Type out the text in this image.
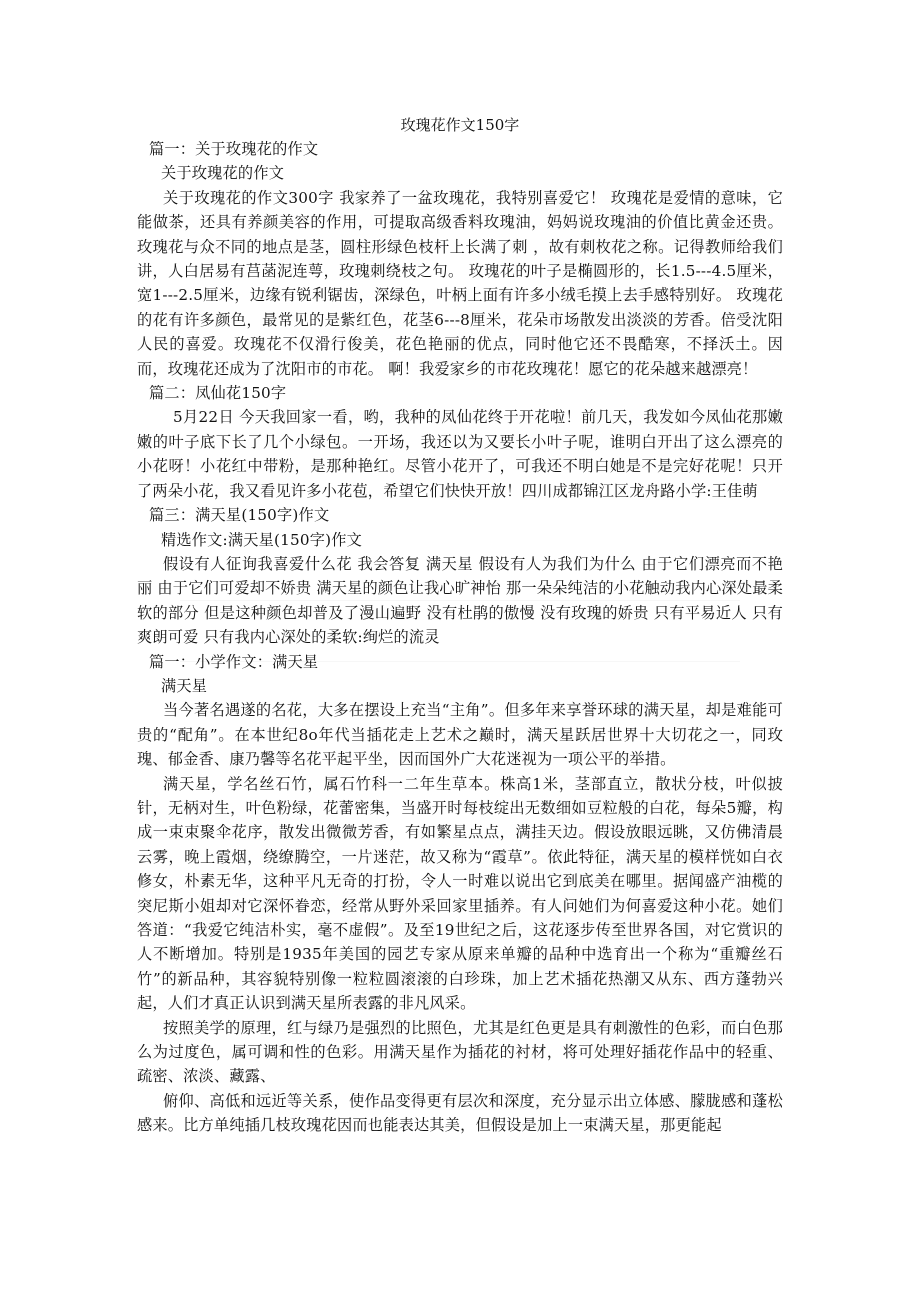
玫瑰花作文150字

篇一：关于玫瑰花的作文

关于玫瑰花的作文

关于玫瑰花的作文300字 我家养了一盆玫瑰花，我特别喜爱它！ 玫瑰花是爱情的意味，它能做茶，还具有养颜美容的作用，可提取高级香料玫瑰油，妈妈说玫瑰油的价值比黄金还贵。 玫瑰花与众不同的地点是茎，圆柱形绿色枝杆上长满了刺 ，故有刺枚花之称。记得教师给我们讲，人白居易有莒菡泥连萼，玫瑰刺绕枝之句。 玫瑰花的叶子是椭圆形的，长1.5---4.5厘米，宽1---2.5厘米，边缘有锐利锯齿，深绿色，叶柄上面有许多小绒毛摸上去手感特别好。 玫瑰花的花有许多颜色，最常见的是紫红色，花茎6---8厘米，花朵市场散发出淡淡的芳香。倍受沈阳人民的喜爱。玫瑰花不仅滑行俊美，花色艳丽的优点，同时他它还不畏酷寒，不择沃土。因而，玫瑰花还成为了沈阳市的市花。 啊！我爱家乡的市花玫瑰花！愿它的花朵越来越漂亮！

篇二：凤仙花150字

5月22日 今天我回家一看，哟，我种的凤仙花终于开花啦！前几天，我发如今凤仙花那嫩嫩的叶子底下长了几个小绿包。一开场，我还以为又要长小叶子呢，谁明白开出了这么漂亮的小花呀！小花红中带粉，是那种艳红。尽管小花开了，可我还不明白她是不是完好花呢！只开了两朵小花，我又看见许多小花苞，希望它们快快开放！四川成都锦江区龙舟路小学:王佳萌

篇三：满天星(150字)作文

精选作文:满天星(150字)作文

假设有人征询我喜爱什么花 我会答复 满天星 假设有人为我们为什么 由于它们漂亮而不艳丽 由于它们可爱却不娇贵 满天星的颜色让我心旷神怡 那一朵朵纯洁的小花触动我内心深处最柔软的部分 但是这种颜色却普及了漫山遍野 没有杜鹃的傲慢 没有玫瑰的娇贵 只有平易近人 只有爽朗可爱 只有我内心深处的柔软:绚烂的流灵

篇一：小学作文：满天星

满天星

当今著名遇遂的名花，大多在摆设上充当“主角”。但多年来享誉环球的满天星，却是难能可贵的“配角”。在本世纪8o年代当插花走上艺术之巅时，满天星跃居世界十大切花之一，同玫瑰、郁金香、康乃馨等名花平起平坐，因而国外广大花迷视为一项公平的举措。

满天星，学名丝石竹，属石竹科一二年生草本。株高1米，茎部直立，散状分枝，叶似披针，无柄对生，叶色粉绿，花蕾密集，当盛开时每枝绽出无数细如豆粒般的白花，每朵5瓣，构成一束束聚伞花序，散发出微微芳香，有如繁星点点，满挂天边。假设放眼远眺，又仿佛清晨云雾，晚上霞烟，绕缭腾空，一片迷茫，故又称为“霞草”。依此特征，满天星的模样恍如白衣修女，朴素无华，这种平凡无奇的打扮，令人一时难以说出它到底美在哪里。据闻盛产油榄的突尼斯小姐却对它深怀眷恋，经常从野外采回家里插养。有人问她们为何喜爱这种小花。她们答道：“我爱它纯洁朴实，毫不虚假”。及至19世纪之后，这花逐步传至世界各国，对它赏识的人不断增加。特别是1935年美国的园艺专家从原来单瓣的品种中选育出一个称为“重瓣丝石竹”的新品种，其容貌特别像一粒粒圆滚滚的白珍珠，加上艺术插花热潮又从东、西方蓬勃兴起，人们才真正认识到满天星所表露的非凡风采。

按照美学的原理，红与绿乃是强烈的比照色，尤其是红色更是具有刺激性的色彩，而白色那么为过度色，属可调和性的色彩。用满天星作为插花的衬材，将可处理好插花作品中的轻重、疏密、浓淡、藏露、

俯仰、高低和远近等关系，使作品变得更有层次和深度，充分显示出立体感、朦胧感和蓬松感来。比方单纯插几枝玫瑰花因而也能表达其美，但假设是加上一束满天星，那更能起
